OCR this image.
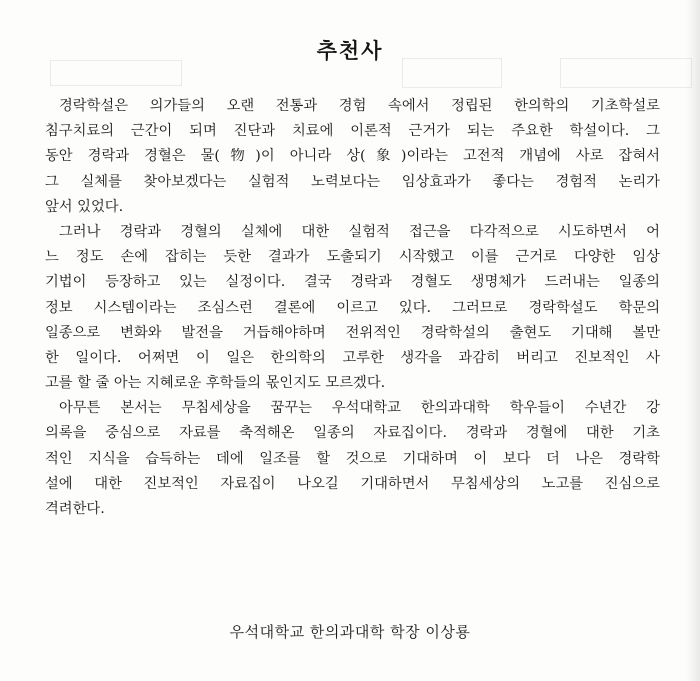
추천사
경락학설은 의가들의 오랜 전통과 경험 속에서 정립된 한의학의 기초학설로
침구치료의 근간이 되며 진단과 치료에 이론적 근거가 되는 주요한 학설이다. 그
동안 경락과 경혈은 물(物)이 아니라 상(象)이라는 고전적 개념에 사로 잡혀서
그 실체를 찾아보겠다는 실험적 노력보다는 임상효과가 좋다는 경험적 논리가
앞서 있었다.
그러나 경락과 경혈의 실체에 대한 실험적 접근을 다각적으로 시도하면서 어
느 정도 손에 잡히는 듯한 결과가 도출되기 시작했고 이를 근거로 다양한 임상
기법이 등장하고 있는 실정이다. 결국 경락과 경혈도 생명체가 드러내는 일종의
정보 시스템이라는 조심스런 결론에 이르고 있다. 그러므로 경락학설도 학문의
일종으로 변화와 발전을 거듭해야하며 전위적인 경락학설의 출현도 기대해 볼만
한 일이다. 어쩌면 이 일은 한의학의 고루한 생각을 과감히 버리고 진보적인 사
고를 할 줄 아는 지혜로운 후학들의 몫인지도 모르겠다.
아무튼 본서는 무침세상을 꿈꾸는 우석대학교 한의과대학 학우들이 수년간 강
의록을 중심으로 자료를 축적해온 일종의 자료집이다. 경락과 경혈에 대한 기초
적인 지식을 습득하는 데에 일조를 할 것으로 기대하며 이 보다 더 나은 경락학
설에 대한 진보적인 자료집이 나오길 기대하면서 무침세상의 노고를 진심으로
격려한다.
우석대학교 한의과대학 학장 이상룡
